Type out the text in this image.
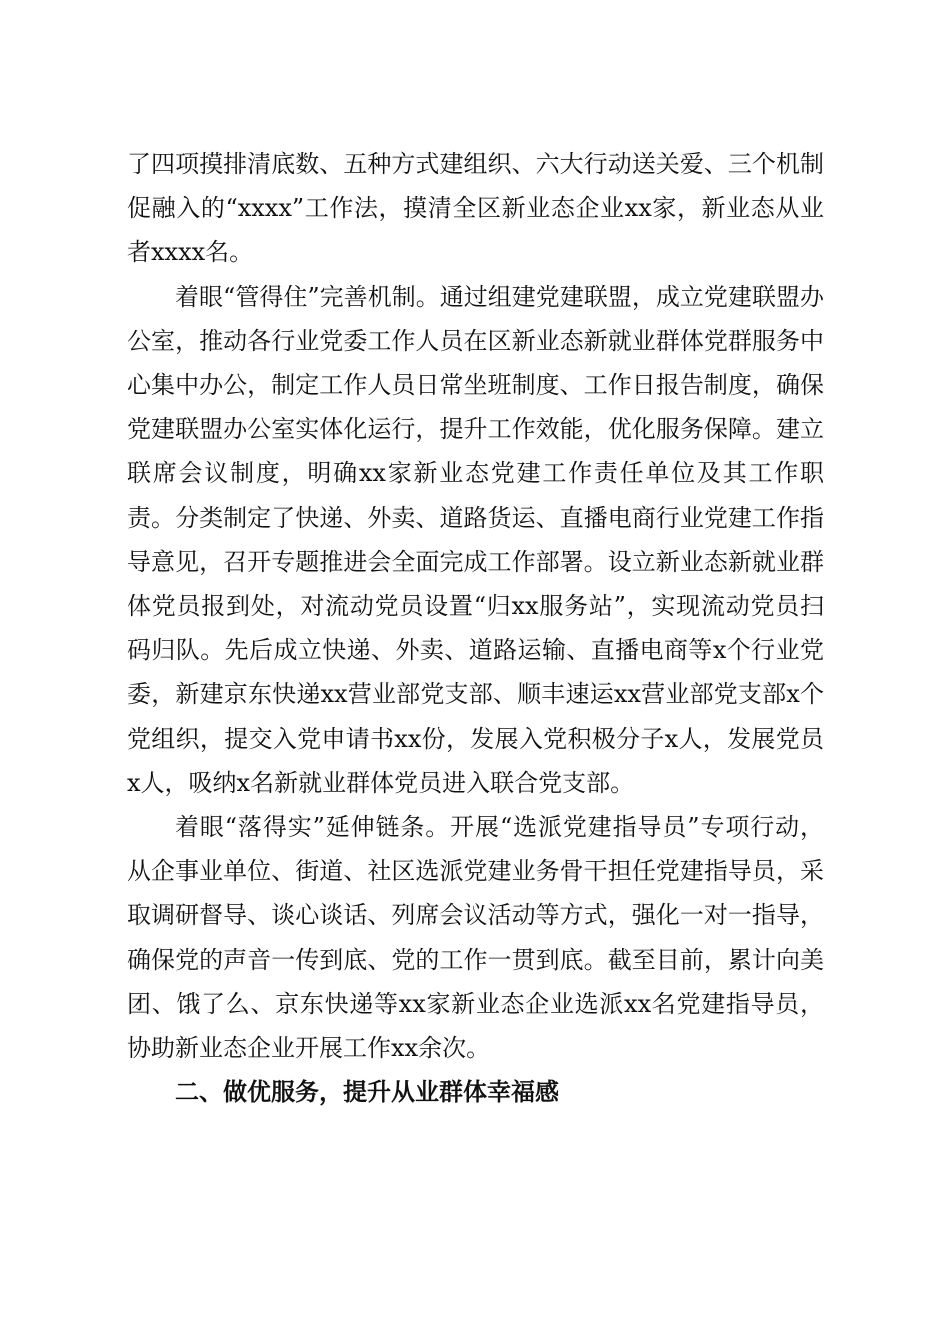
了四项摸排清底数、五种方式建组织、六大行动送关爱、三个机制促融入的“xxxx”工作法，摸清全区新业态企业xx家，新业态从业者xxxx名。

着眼“管得住”完善机制。通过组建党建联盟，成立党建联盟办公室，推动各行业党委工作人员在区新业态新就业群体党群服务中心集中办公，制定工作人员日常坐班制度、工作日报告制度，确保党建联盟办公室实体化运行，提升工作效能，优化服务保障。建立联席会议制度，明确xx家新业态党建工作责任单位及其工作职责。分类制定了快递、外卖、道路货运、直播电商行业党建工作指导意见，召开专题推进会全面完成工作部署。设立新业态新就业群体党员报到处，对流动党员设置“归xx服务站”，实现流动党员扫码归队。先后成立快递、外卖、道路运输、直播电商等x个行业党委，新建京东快递xx营业部党支部、顺丰速运xx营业部党支部x个党组织，提交入党申请书xx份，发展入党积极分子x人，发展党员x人，吸纳x名新就业群体党员进入联合党支部。

着眼“落得实”延伸链条。开展“选派党建指导员”专项行动，从企事业单位、街道、社区选派党建业务骨干担任党建指导员，采取调研督导、谈心谈话、列席会议活动等方式，强化一对一指导，确保党的声音一传到底、党的工作一贯到底。截至目前，累计向美团、饿了么、京东快递等xx家新业态企业选派xx名党建指导员，协助新业态企业开展工作xx余次。

二、做优服务，提升从业群体幸福感
